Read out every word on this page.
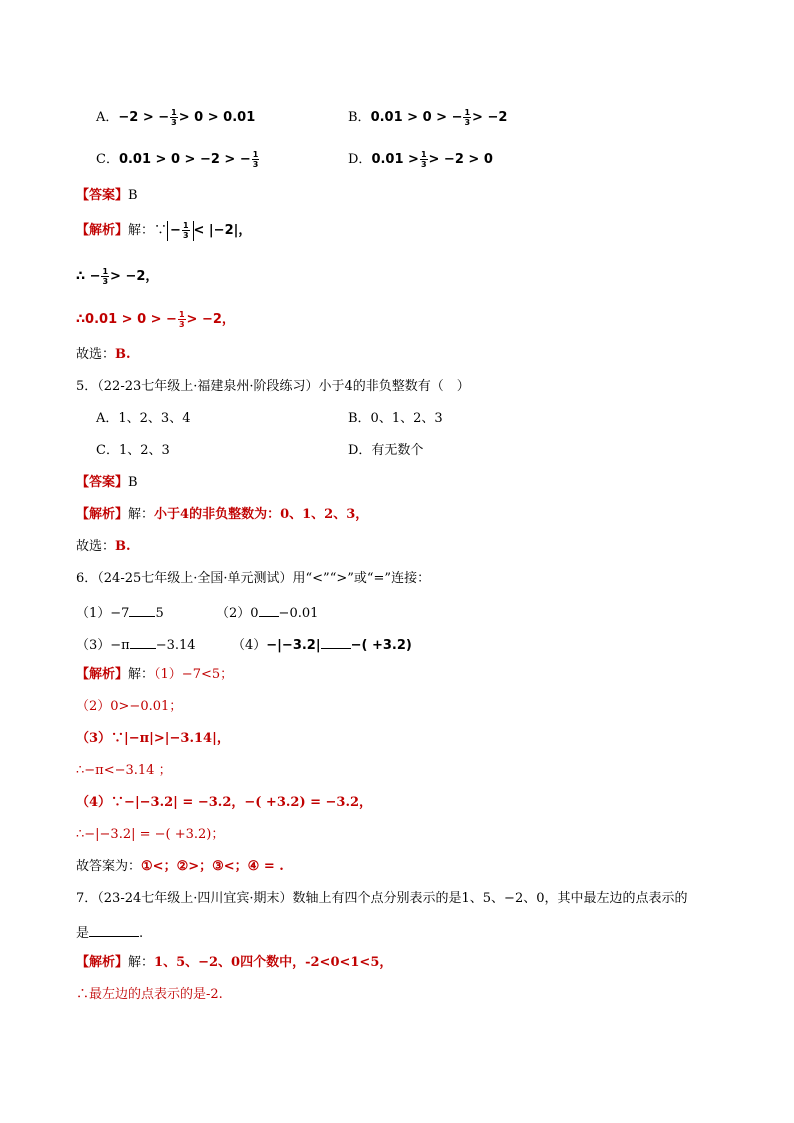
A．−2 > − $\frac{1}{3} > 0 > 0.01$	B．0.01 > 0 > − $\frac{1}{3} > -2$
C．0.01 > 0 > −2 > − $\frac{1}{3}$	D．$0.01 > \frac{1}{3} > -2 > 0$
【答案】B
【解析】解：∵ − $\frac{1}{3} < |-2|$，
∴ − $\frac{1}{3} > -2$，
∴0.01 > 0 > − $\frac{1}{3} > -2$，
故选：B.
5．（22-23七年级上·福建泉州·阶段练习）小于4的非负整数有（　）
A．1、2、3、4	B．0、1、2、3
C．1、2、3	D．有无数个
【答案】B
【解析】解：小于4的非负整数为：0、1、2、3，
故选：B.
6．（24-25七年级上·全国·单元测试）用“<”“>”或“=”连接：
（1）−7 5	（2）0 −0.01
（3）−π −3.14	（4）−|−3.2| −( +3.2)
【解析】解：（1）−7<5；
（2）0>−0.01；
（3）∵|−π|>|−3.14|，
∴−π<−3.14 ；
（4）∵−|−3.2| = −3.2，−( +3.2) = −3.2，
∴−|−3.2| = −( +3.2)；
故答案为：①<；②>；③<；④ = .
7．（23-24七年级上·四川宜宾·期末）数轴上有四个点分别表示的是1、5、−2、0，其中最左边的点表示的
是	.
【解析】解：1、5、−2、0四个数中，-2<0<1<5，
∴最左边的点表示的是-2.
